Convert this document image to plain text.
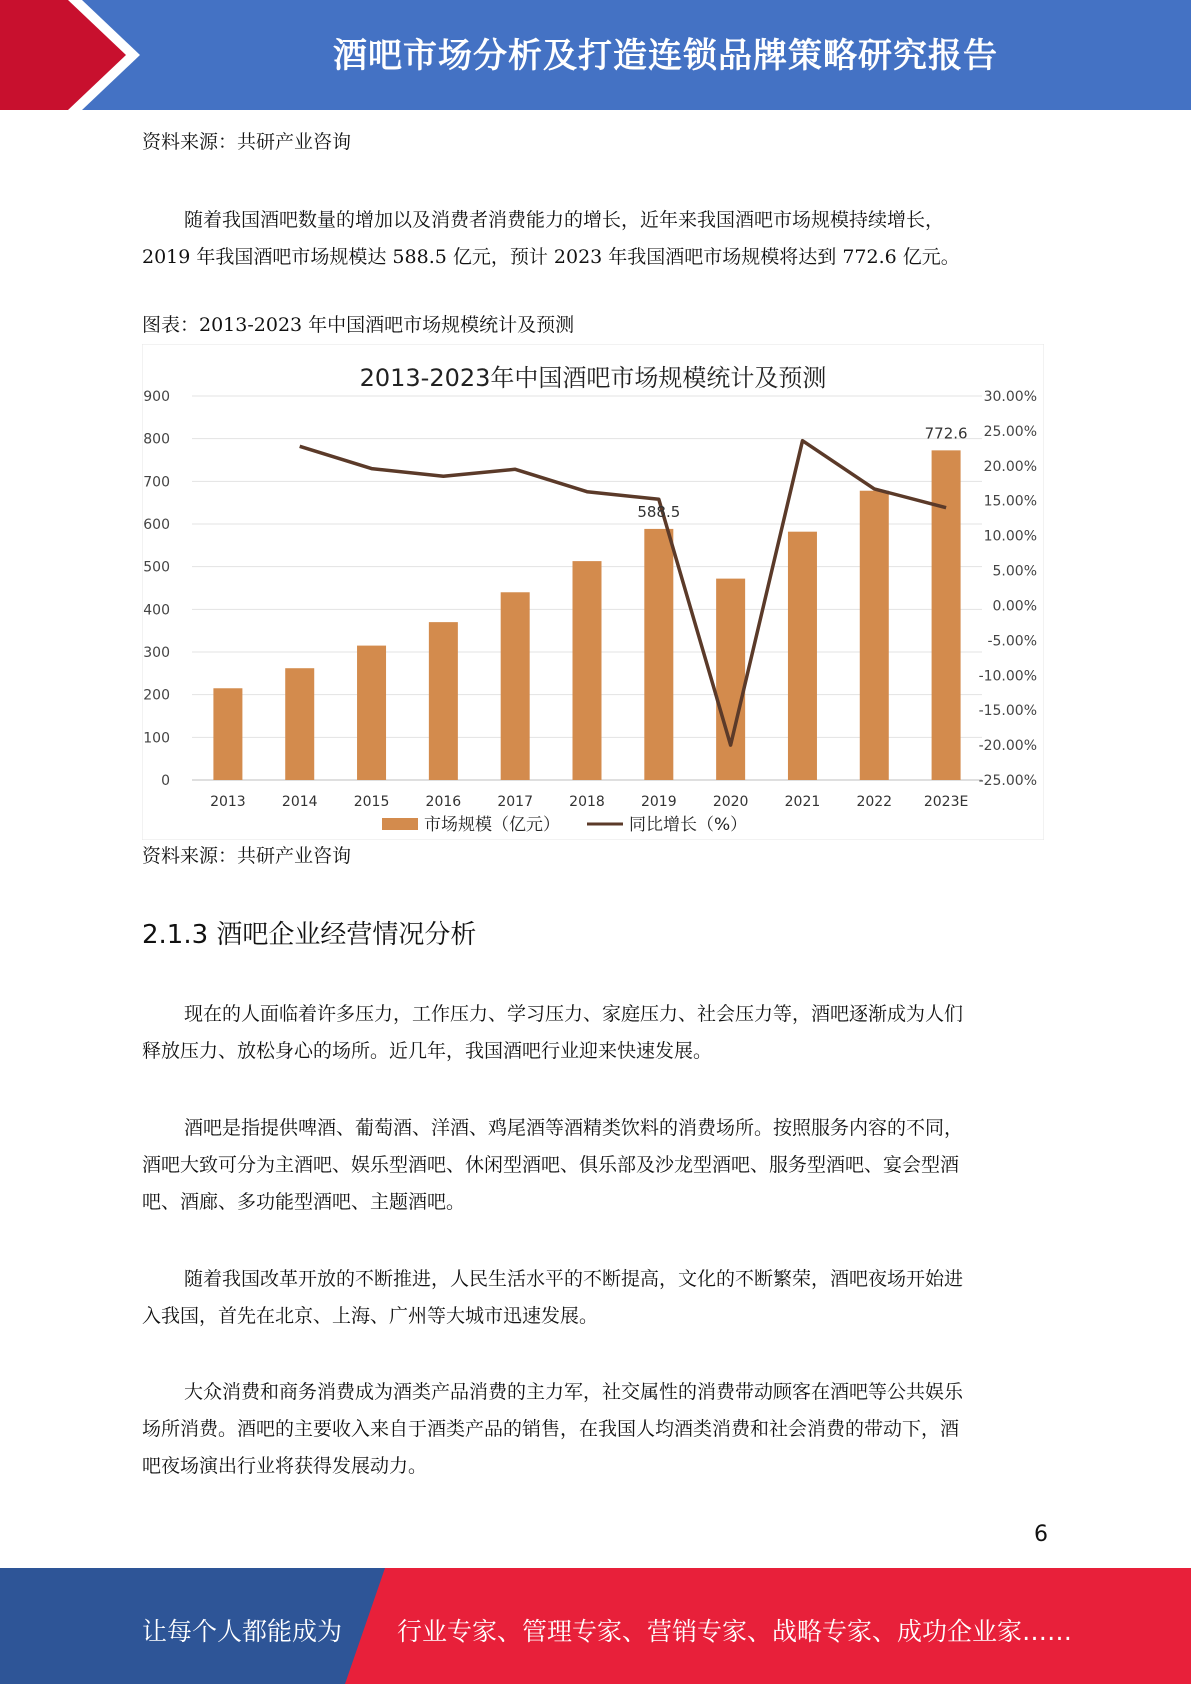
酒吧市场分析及打造连锁品牌策略研究报告
资料来源：共研产业咨询
随着我国酒吧数量的增加以及消费者消费能力的增长，近年来我国酒吧市场规模持续增长，
2019 年我国酒吧市场规模达 588.5 亿元，预计 2023 年我国酒吧市场规模将达到 772.6 亿元。
图表：2013-2023 年中国酒吧市场规模统计及预测
2013-2023年中国酒吧市场规模统计及预测
0
100
200
300
400
500
600
700
800
900
-25.00%
-20.00%
-15.00%
-10.00%
-5.00%
0.00%
5.00%
10.00%
15.00%
20.00%
25.00%
30.00%
2013	2014	2015	2016	2017	2018	2019	2020	2021	2022 2023E
588.5
772.6
市场规模（亿元）	同比增长（%）
资料来源：共研产业咨询
2.1.3 酒吧企业经营情况分析
现在的人面临着许多压力，工作压力、学习压力、家庭压力、社会压力等，酒吧逐渐成为人们
释放压力、放松身心的场所。近几年，我国酒吧行业迎来快速发展。
酒吧是指提供啤酒、葡萄酒、洋酒、鸡尾酒等酒精类饮料的消费场所。按照服务内容的不同，
酒吧大致可分为主酒吧、娱乐型酒吧、休闲型酒吧、俱乐部及沙龙型酒吧、服务型酒吧、宴会型酒
吧、酒廊、多功能型酒吧、主题酒吧。
随着我国改革开放的不断推进，人民生活水平的不断提高，文化的不断繁荣，酒吧夜场开始进
入我国，首先在北京、上海、广州等大城市迅速发展。
大众消费和商务消费成为酒类产品消费的主力军，社交属性的消费带动顾客在酒吧等公共娱乐
场所消费。酒吧的主要收入来自于酒类产品的销售，在我国人均酒类消费和社会消费的带动下，酒
吧夜场演出行业将获得发展动力。
6
让每个人都能成为 行业专家、管理专家、营销专家、战略专家、成功企业家……
